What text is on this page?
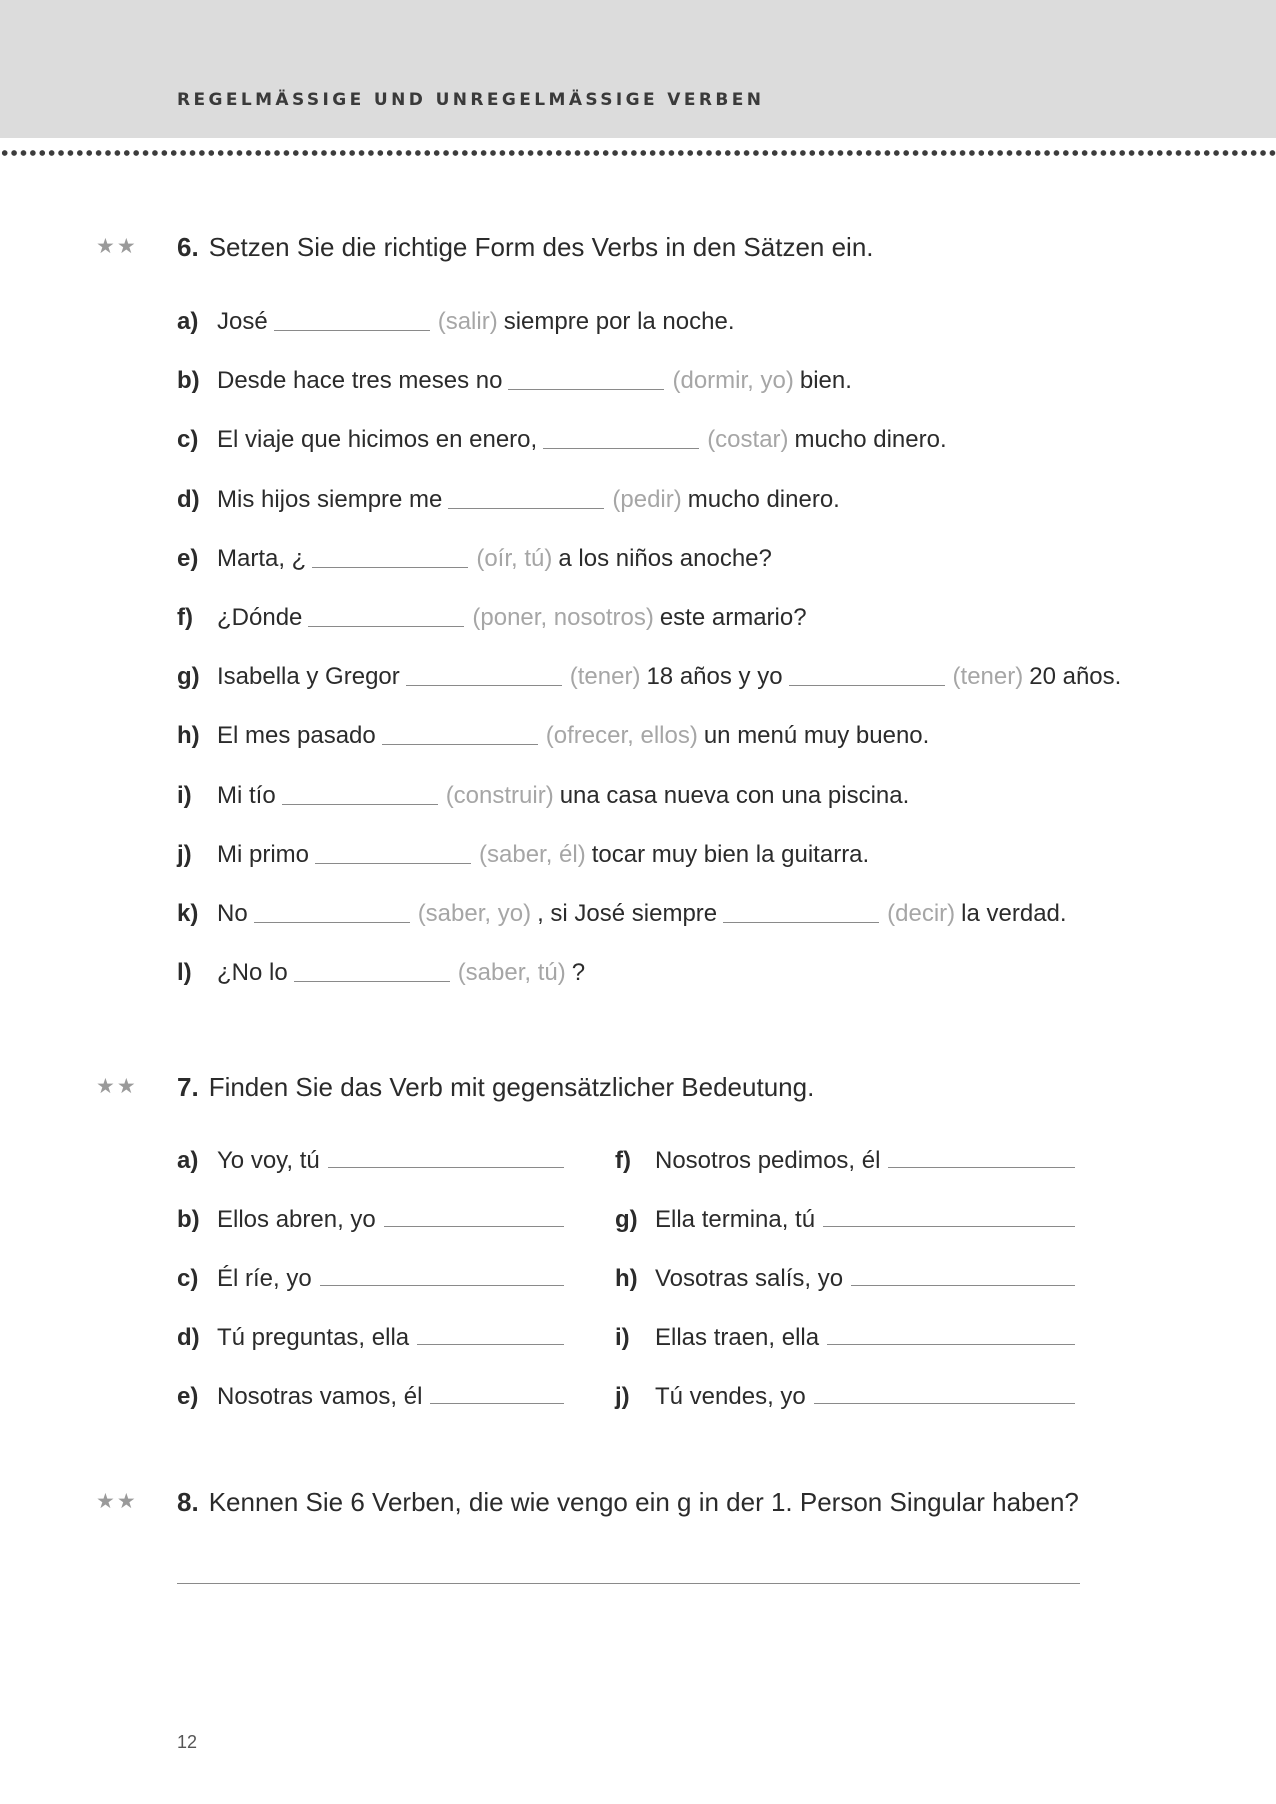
REGELMÄSSIGE UND UNREGELMÄSSIGE VERBEN
★★ 6. Setzen Sie die richtige Form des Verbs in den Sätzen ein.
a) José	(salir) siempre por la noche.
b) Desde hace tres meses no	(dormir, yo) bien.
c) El viaje que hicimos en enero,	(costar) mucho dinero.
d) Mis hijos siempre me	(pedir) mucho dinero.
e) Marta, ¿	(oír, tú) a los niños anoche?
f) ¿Dónde	(poner, nosotros) este armario?
g) Isabella y Gregor	(tener) 18 años y yo	(tener) 20 años.
h) El mes pasado	(ofrecer, ellos) un menú muy bueno.
i) Mi tío	(construir) una casa nueva con una piscina.
j) Mi primo	(saber, él) tocar muy bien la guitarra.
k) No	(saber, yo) , si José siempre	(decir) la verdad.
l) ¿No lo	(saber, tú) ?
★★ 7. Finden Sie das Verb mit gegensätzlicher Bedeutung.
a) Yo voy, tú
b) Ellos abren, yo
c) Él ríe, yo
d) Tú preguntas, ella
e) Nosotras vamos, él
f)	Nosotros pedimos, él
g) Ella termina, tú
h) Vosotras salís, yo
i)	Ellas traen, ella
j)	Tú vendes, yo
★★ 8. Kennen Sie 6 Verben, die wie vengo ein g in der 1. Person Singular haben?
12
